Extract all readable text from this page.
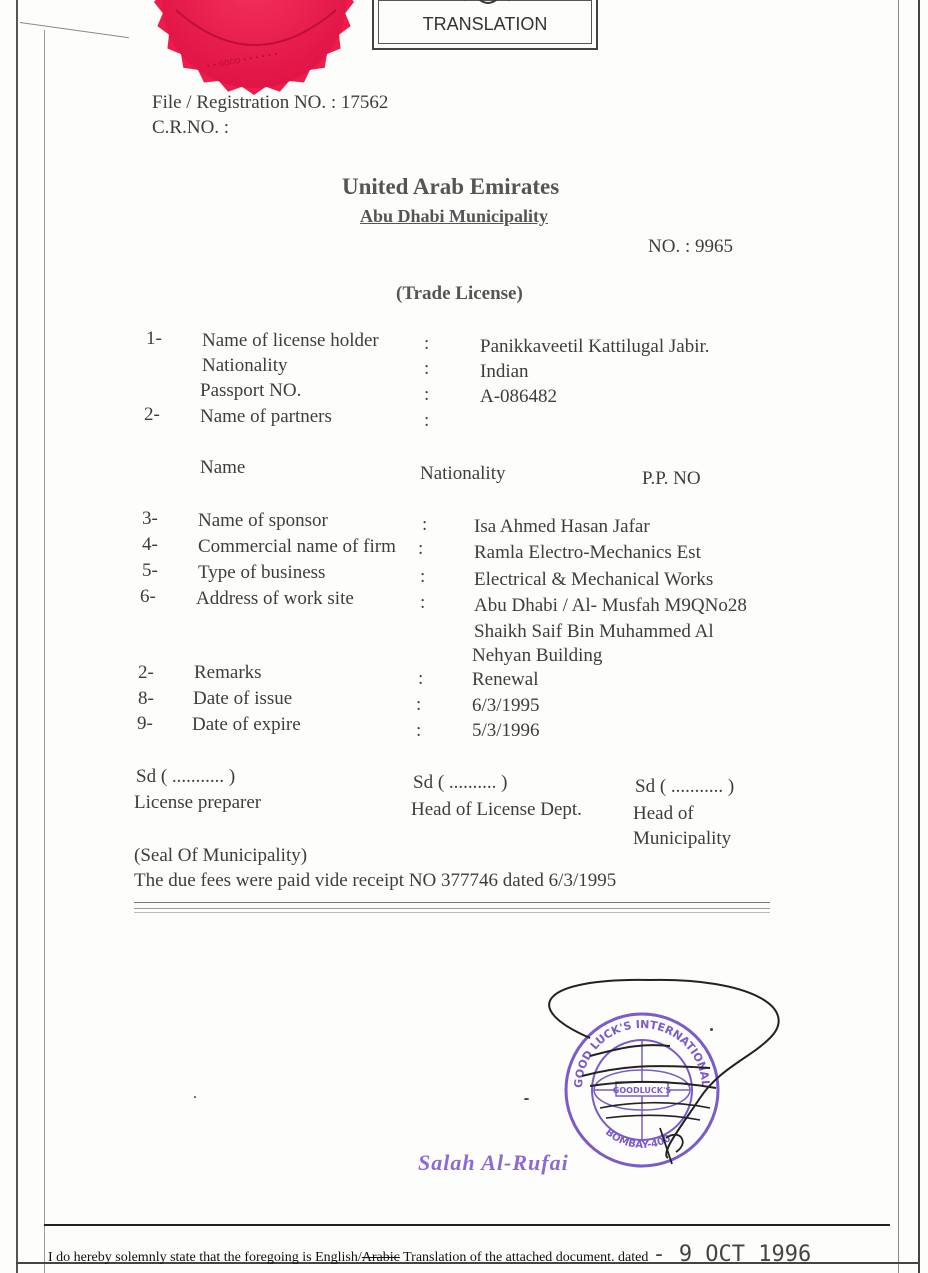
• • GOOD • • • • • •
TRANSLATION
File / Registration NO. : 17562
C.R.NO. :
United Arab Emirates
Abu Dhabi Municipality
NO. : 9965
(Trade License)
1- Name of license holder :	Panikkaveetil Kattilugal Jabir.
Nationality	:	Indian
Passport NO.	:	A-086482
2- Name of partners	:
Name	Nationality	P.P. NO
3- Name of sponsor	: Isa Ahmed Hasan Jafar
4- Commercial name of firm :	Ramla Electro-Mechanics Est
5- Type of business	:	Electrical & Mechanical Works
6- Address of work site	:	Abu Dhabi / Al- Musfah M9QNo28
Shaikh Saif Bin Muhammed Al
Nehyan Building
2- Remarks	:	Renewal
8- Date of issue	:	6/3/1995
9- Date of expire	:	5/3/1996
Sd ( ........... )
License preparer
Sd ( .......... )
Head of License Dept.
Sd ( ........... )
Head of
Municipality
(Seal Of Municipality)
The due fees were paid vide receipt NO 377746 dated 6/3/1995
GOODLUCK'S
GOOD LUCK'S INTERNATIONAL
BOMBAY-400
Salah Al-Rufai
I do hereby solemnly state that the foregoing is English/Arabic Translation of the attached document. dated - 9 OCT 1996
